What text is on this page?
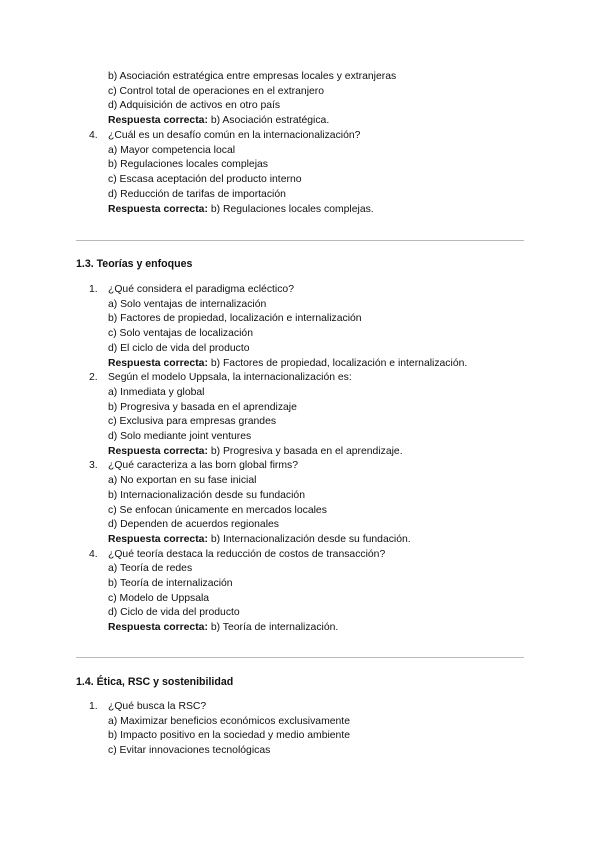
b) Asociación estratégica entre empresas locales y extranjeras
c) Control total de operaciones en el extranjero
d) Adquisición de activos en otro país
Respuesta correcta: b) Asociación estratégica.
4. ¿Cuál es un desafío común en la internacionalización?
a) Mayor competencia local
b) Regulaciones locales complejas
c) Escasa aceptación del producto interno
d) Reducción de tarifas de importación
Respuesta correcta: b) Regulaciones locales complejas.
1.3. Teorías y enfoques
1. ¿Qué considera el paradigma ecléctico?
a) Solo ventajas de internalización
b) Factores de propiedad, localización e internalización
c) Solo ventajas de localización
d) El ciclo de vida del producto
Respuesta correcta: b) Factores de propiedad, localización e internalización.
2. Según el modelo Uppsala, la internacionalización es:
a) Inmediata y global
b) Progresiva y basada en el aprendizaje
c) Exclusiva para empresas grandes
d) Solo mediante joint ventures
Respuesta correcta: b) Progresiva y basada en el aprendizaje.
3. ¿Qué caracteriza a las born global firms?
a) No exportan en su fase inicial
b) Internacionalización desde su fundación
c) Se enfocan únicamente en mercados locales
d) Dependen de acuerdos regionales
Respuesta correcta: b) Internacionalización desde su fundación.
4. ¿Qué teoría destaca la reducción de costos de transacción?
a) Teoría de redes
b) Teoría de internalización
c) Modelo de Uppsala
d) Ciclo de vida del producto
Respuesta correcta: b) Teoría de internalización.
1.4. Ética, RSC y sostenibilidad
1. ¿Qué busca la RSC?
a) Maximizar beneficios económicos exclusivamente
b) Impacto positivo en la sociedad y medio ambiente
c) Evitar innovaciones tecnológicas
